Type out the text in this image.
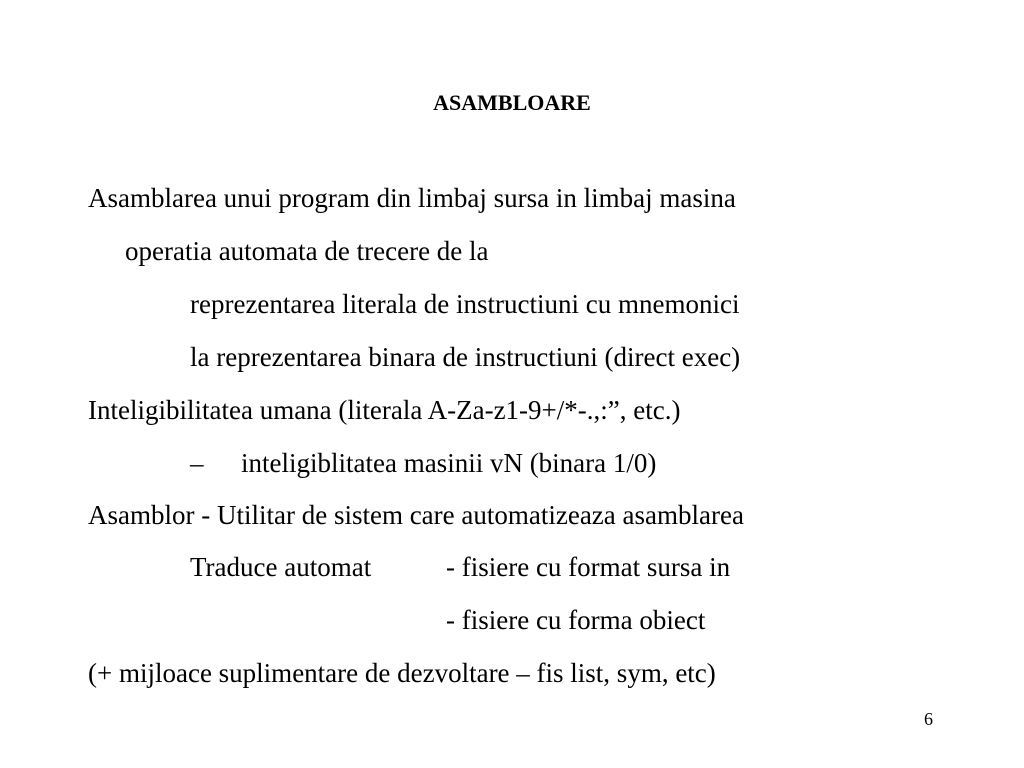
ASAMBLOARE
Asamblarea unui program din limbaj sursa in limbaj masina
operatia automata de trecere de la
reprezentarea literala de instructiuni cu mnemonici
la reprezentarea binara de instructiuni (direct exec)
Inteligibilitatea umana (literala A-Za-z1-9+/*-.,:”, etc.)
– inteligiblitatea masinii vN (binara 1/0)
Asamblor - Utilitar de sistem care automatizeaza asamblarea
Traduce automat	- fisiere cu format sursa in
- fisiere cu forma obiect
(+ mijloace suplimentare de dezvoltare – fis list, sym, etc)
6
